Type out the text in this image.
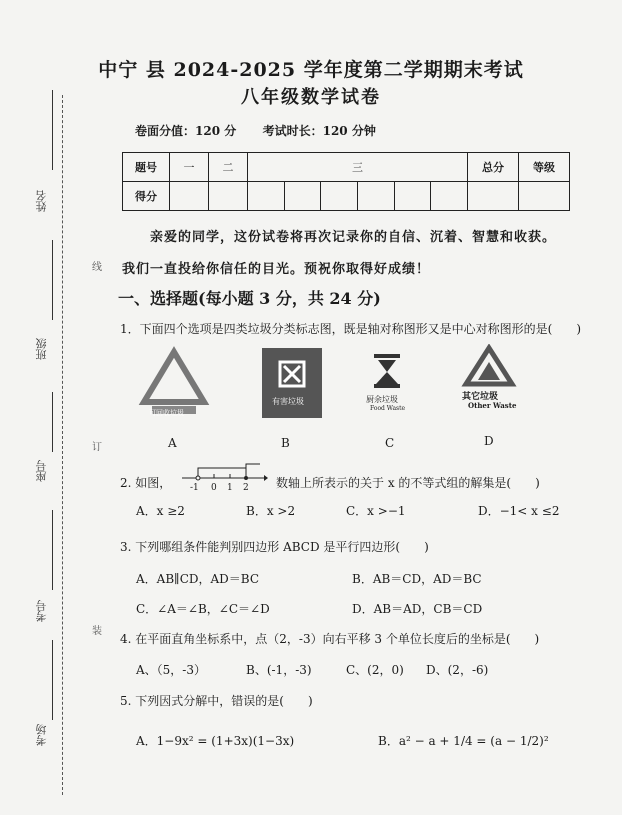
姓名
班级
座号
考号
考场
线
订
装
中宁 县 2024-2025 学年度第二学期期末考试
八年级数学试卷
卷面分值：120 分 考试时长：120 分钟
题号	一	二	三						总分	等级
得分										
亲爱的同学，这份试卷将再次记录你的自信、沉着、智慧和收获。
我们一直投给你信任的目光。预祝你取得好成绩！
一、选择题(每小题 3 分，共 24 分)
1．下面四个选项是四类垃圾分类标志图，既是轴对称图形又是中心对称图形的是(　　)
可回收垃圾
A
有害垃圾
B
厨余垃圾
Food Waste
C
其它垃圾
Other Waste
D
2. 如图， -1 0 1 2 数轴上所表示的关于 x 的不等式组的解集是(　　)
A．x ≥2	B．x >2	C．x >−1	D．−1< x ≤2
3. 下列哪组条件能判别四边形 ABCD 是平行四边形(　　)
A．AB∥CD，AD＝BC	B．AB＝CD，AD＝BC
C．∠A＝∠B，∠C＝∠D	D．AB＝AD，CB＝CD
4. 在平面直角坐标系中，点（2，-3）向右平移 3 个单位长度后的坐标是(　　)
A、（5，-3）	B、(-1，-3)	C、(2，0) D、(2，-6)
5. 下列因式分解中，错误的是(　　)
A．1−9x² = (1+3x)(1−3x)	B．a² − a + 1/4 = (a − 1/2)²
